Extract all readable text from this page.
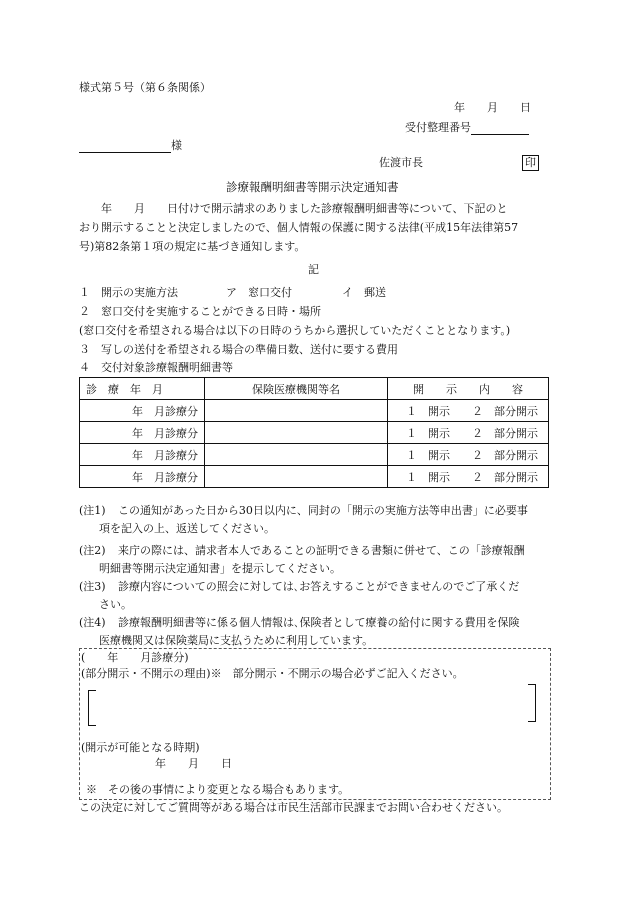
様式第５号（第６条関係）
年　　月　　日
受付整理番号
様
佐渡市長	印
診療報酬明細書等開示決定通知書
　　年　　月　　日付けで開示請求のありました診療報酬明細書等について、下記のと
おり開示することと決定しましたので、個人情報の保護に関する法律(平成15年法律第57
号)第82条第１項の規定に基づき通知します。
記
１　開示の実施方法	ア　窓口交付	イ　郵送
２　窓口交付を実施することができる日時・場所
(窓口交付を希望される場合は以下の日時のうちから選択していただくこととなります。)
３　写しの送付を希望される場合の準備日数、送付に要する費用
４　交付対象診療報酬明細書等
診　療　年　月	保険医療機関等名	開　　示　　内　　容
年　月診療分		１　開示　　２　部分開示
年　月診療分		１　開示　　２　部分開示
年　月診療分		１　開示　　２　部分開示
年　月診療分		１　開示　　２　部分開示
(注1) この通知があった日から30日以内に、同封の「開示の実施方法等申出書」に必要事
項を記入の上、返送してください。
(注2) 来庁の際には、請求者本人であることの証明できる書類に併せて、この「診療報酬
明細書等開示決定通知書」を提示してください。
(注3) 診療内容についての照会に対しては､お答えすることができませんのでご了承くだ
さい。
(注4) 診療報酬明細書等に係る個人情報は､保険者として療養の給付に関する費用を保険
医療機関又は保険薬局に支払うために利用しています。
(　　年　　月診療分)
(部分開示・不開示の理由)※　部分開示・不開示の場合必ずご記入ください。
(開示が可能となる時期)
年　　月　　日
※　その後の事情により変更となる場合もあります。
この決定に対してご質問等がある場合は市民生活部市民課までお問い合わせください。
